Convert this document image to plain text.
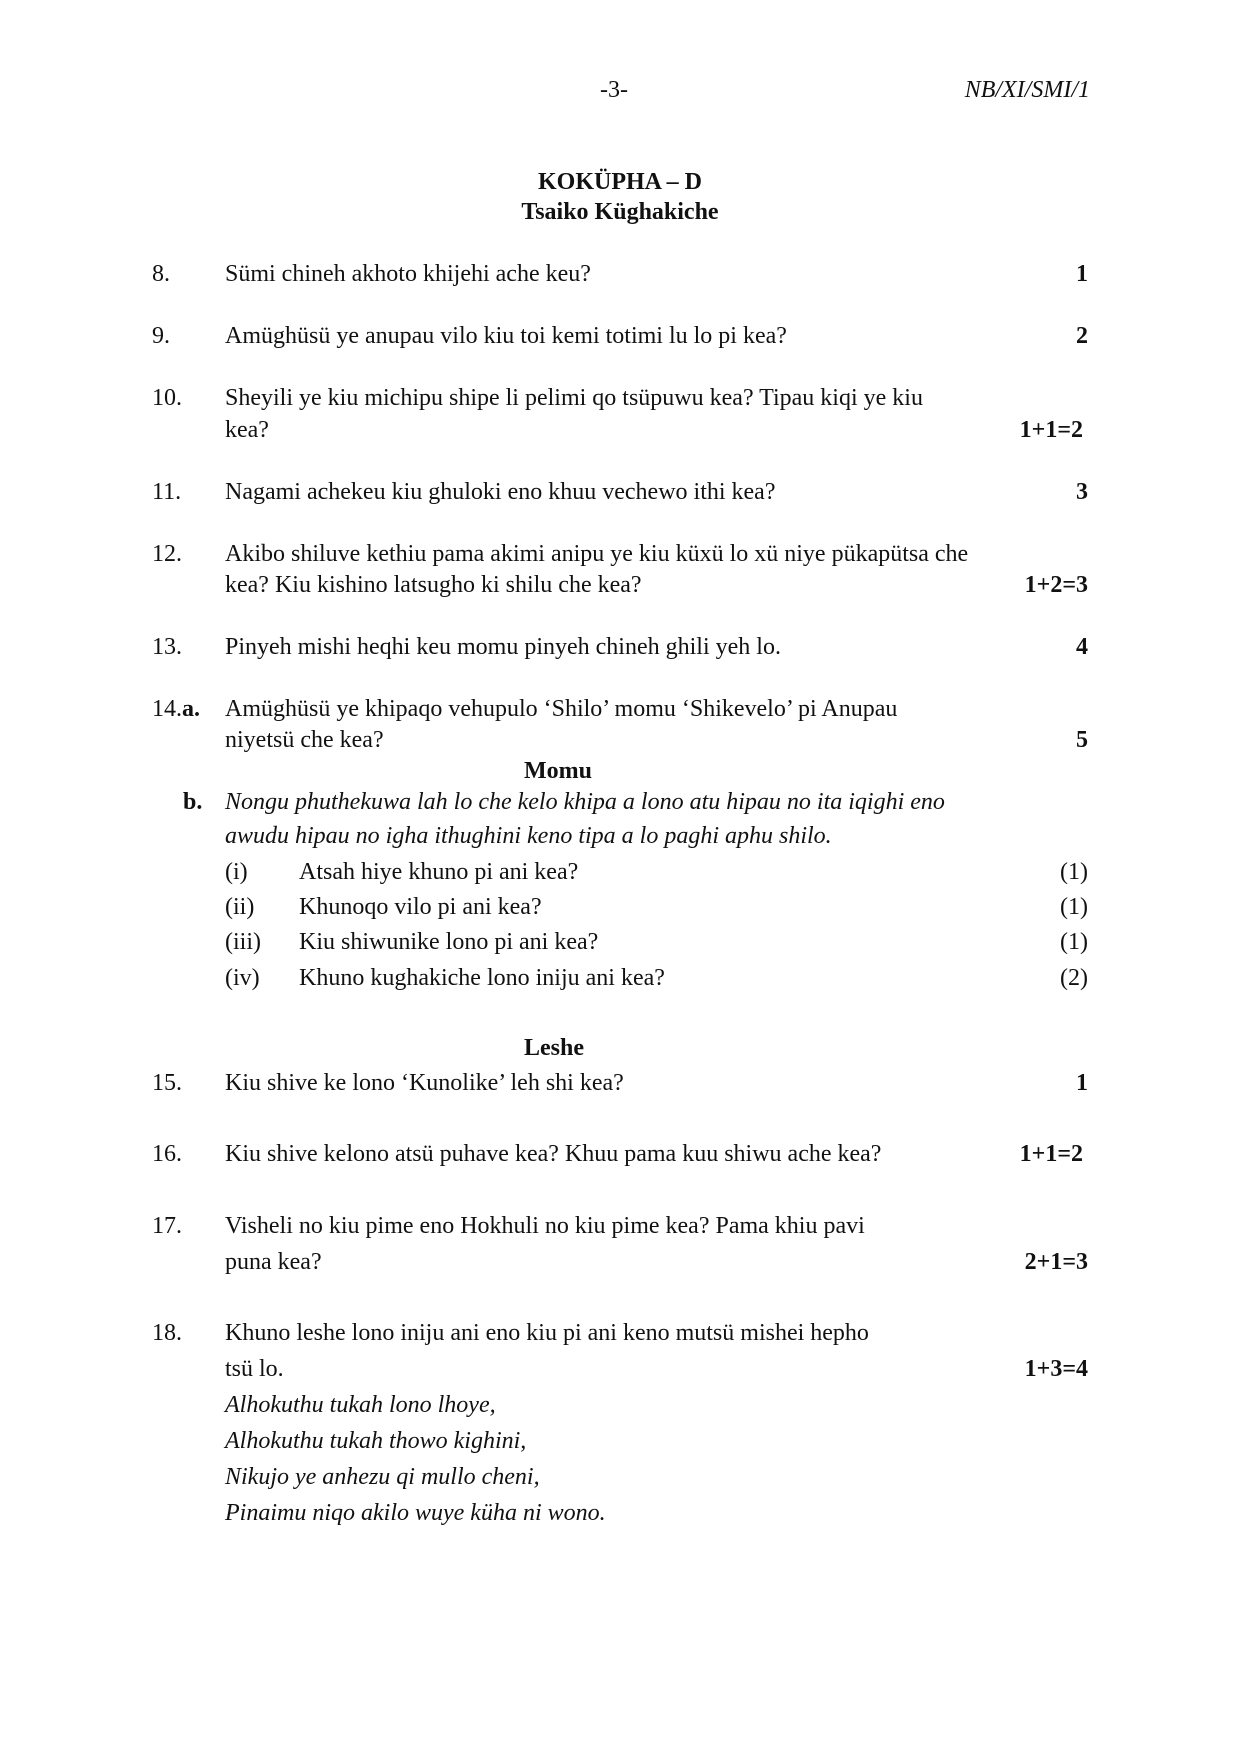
-3-	NB/XI/SMI/1
KOKÜPHA – D
Tsaiko Küghakiche
8. Sümi chineh akhoto khijehi ache keu?	1
9. Amüghüsü ye anupau vilo kiu toi kemi totimi lu lo pi kea?	2
10. Sheyili ye kiu michipu shipe li pelimi qo tsüpuwu kea? Tipau kiqi ye kiu
kea?	1+1=2
11. Nagami achekeu kiu ghuloki eno khuu vechewo ithi kea?	3
12. Akibo shiluve kethiu pama akimi anipu ye kiu küxü lo xü niye pükapütsa che
kea? Kiu kishino latsugho ki shilu che kea?	1+2=3
13. Pinyeh mishi heqhi keu momu pinyeh chineh ghili yeh lo.	4
14.a. Amüghüsü ye khipaqo vehupulo ‘Shilo’ momu ‘Shikevelo’ pi Anupau
niyetsü che kea?	5
Momu
b. Nongu phuthekuwa lah lo che kelo khipa a lono atu hipau no ita iqighi eno
awudu hipau no igha ithughini keno tipa a lo paghi aphu shilo.
(i) Atsah hiye khuno pi ani kea?	(1)
(ii) Khunoqo vilo pi ani kea?	(1)
(iii) Kiu shiwunike lono pi ani kea?	(1)
(iv) Khuno kughakiche lono iniju ani kea?	(2)
Leshe
15. Kiu shive ke lono ‘Kunolike’ leh shi kea?	1
16. Kiu shive kelono atsü puhave kea? Khuu pama kuu shiwu ache kea?	1+1=2
17. Visheli no kiu pime eno Hokhuli no kiu pime kea? Pama khiu pavi
puna kea?	2+1=3
18. Khuno leshe lono iniju ani eno kiu pi ani keno mutsü mishei hepho
tsü lo.	1+3=4
Alhokuthu tukah lono lhoye,
Alhokuthu tukah thowo kighini,
Nikujo ye anhezu qi mullo cheni,
Pinaimu niqo akilo wuye küha ni wono.
